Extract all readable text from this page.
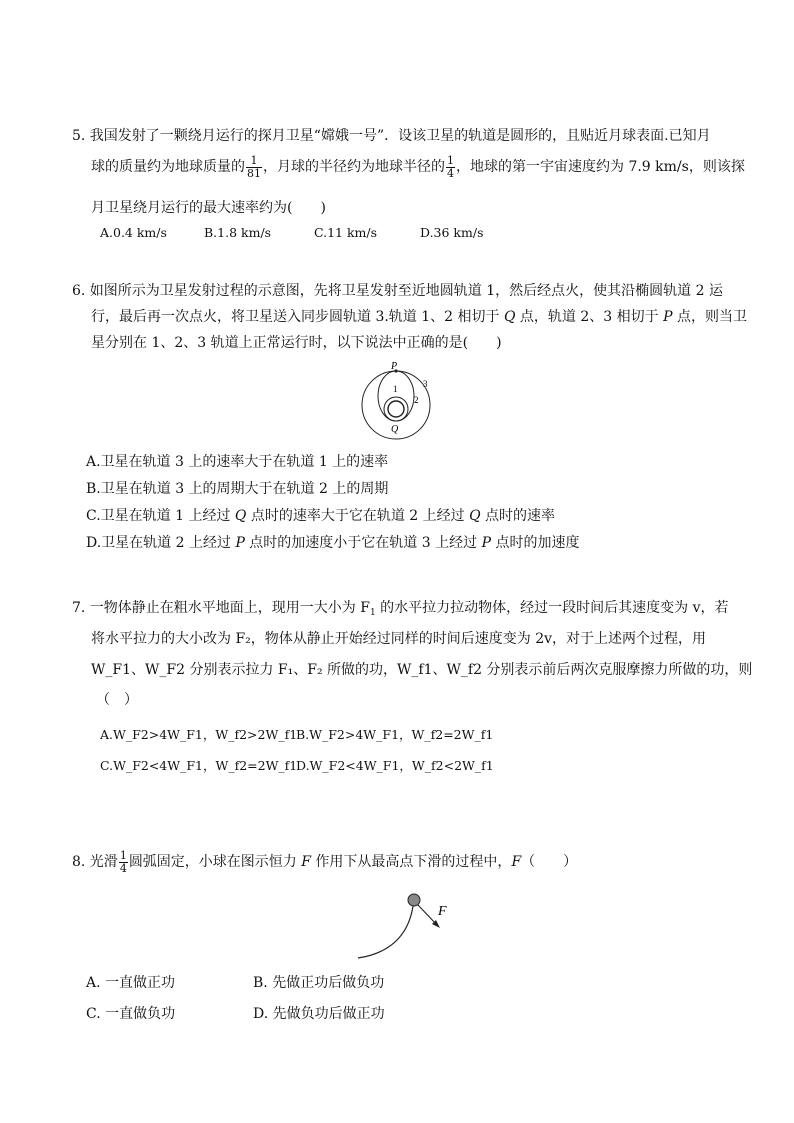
5. 我国发射了一颗绕月运行的探月卫星“嫦娥一号”．设该卫星的轨道是圆形的，且贴近月球表面.已知月
球的质量约为地球质量的 $\frac{1}{81}$ ，月球的半径约为地球半径的 $\frac{1}{4}$ ，地球的第一宇宙速度约为 7.9 km/s，则该探
月卫星绕月运行的最大速率约为(　　)
A.0.4 km/s	B.1.8 km/s	C.11 km/s	D.36 km/s
6. 如图所示为卫星发射过程的示意图，先将卫星发射至近地圆轨道 1，然后经点火，使其沿椭圆轨道 2 运
行，最后再一次点火，将卫星送入同步圆轨道 3.轨道 1、2 相切于 Q 点，轨道 2、3 相切于 P 点，则当卫
星分别在 1、2、3 轨道上正常运行时，以下说法中正确的是(　　)
P
Q
1
2
3
A.卫星在轨道 3 上的速率大于在轨道 1 上的速率
B.卫星在轨道 3 上的周期大于在轨道 2 上的周期
C.卫星在轨道 1 上经过 Q 点时的速率大于它在轨道 2 上经过 Q 点时的速率
D.卫星在轨道 2 上经过 P 点时的加速度小于它在轨道 3 上经过 P 点时的加速度
7. 一物体静止在粗水平地面上，现用一大小为 $F_1$ 的水平拉力拉动物体，经过一段时间后其速度变为 v，若
将水平拉力的大小改为 F₂，物体从静止开始经过同样的时间后速度变为 2v，对于上述两个过程，用
W_F1、W_F2 分别表示拉力 F₁、F₂ 所做的功，W_f1、W_f2 分别表示前后两次克服摩擦力所做的功，则
（　）
A.W_F2>4W_F1，W_f2>2W_f1
B.W_F2>4W_F1，W_f2=2W_f1
C.W_F2<4W_F1，W_f2=2W_f1
D.W_F2<4W_F1，W_f2<2W_f1
8. 光滑 $\frac{1}{4}$ 圆弧固定，小球在图示恒力 F 作用下从最高点下滑的过程中，F（　　）
F
A. 一直做正功	B. 先做正功后做负功
C. 一直做负功	D. 先做负功后做正功
